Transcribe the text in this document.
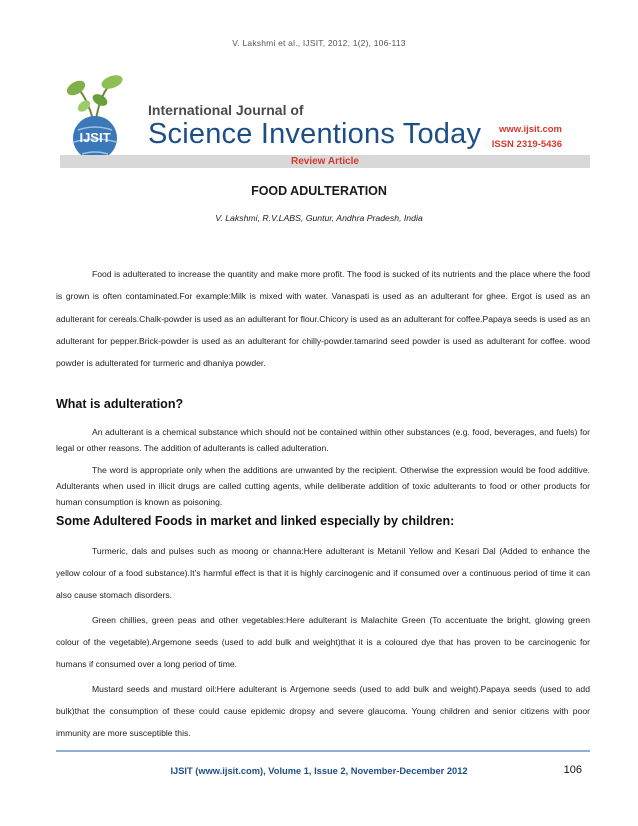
V. Lakshmi et al., IJSIT, 2012, 1(2), 106-113
IJSIT
International Journal of
Science Inventions Today www.ijsit.com
ISSN 2319-5436
Review Article
FOOD ADULTERATION
V. Lakshmi, R.V.LABS, Guntur, Andhra Pradesh, India

Food is adulterated to increase the quantity and make more profit. The food is sucked of its nutrients and the place where the food is grown is often contaminated.For example:Milk is mixed with water. Vanaspati is used as an adulterant for ghee. Ergot is used as an adulterant for cereals.Chalk-powder is used as an adulterant for flour.Chicory is used as an adulterant for coffee.Papaya seeds is used as an adulterant for pepper.Brick-powder is used as an adulterant for chilly-powder.tamarind seed powder is used as adulterant for coffee. wood powder is adulterated for turmeric and dhaniya powder.

What is adulteration?

An adulterant is a chemical substance which should not be contained within other substances (e.g. food, beverages, and fuels) for legal or other reasons. The addition of adulterants is called adulteration.

The word is appropriate only when the additions are unwanted by the recipient. Otherwise the expression would be food additive. Adulterants when used in illicit drugs are called cutting agents, while deliberate addition of toxic adulterants to food or other products for human consumption is known as poisoning.

Some Adultered Foods in market and linked especially by children:

Turmeric, dals and pulses such as moong or channa:Here adulterant is Metanil Yellow and Kesari Dal (Added to enhance the yellow colour of a food substance).It's harmful effect is that it is highly carcinogenic and if consumed over a continuous period of time it can also cause stomach disorders.

Green chillies, green peas and other vegetables:Here adulterant is Malachite Green (To accentuate the bright, glowing green colour of the vegetable).Argemone seeds (used to add bulk and weight)that it is a coloured dye that has proven to be carcinogenic for humans if consumed over a long period of time.

Mustard seeds and mustard oil:Here adulterant is Argemone seeds (used to add bulk and weight).Papaya seeds (used to add bulk)that the consumption of these could cause epidemic dropsy and severe glaucoma. Young children and senior citizens with poor immunity are more susceptible this.

IJSIT (www.ijsit.com), Volume 1, Issue 2, November-December 2012	106
